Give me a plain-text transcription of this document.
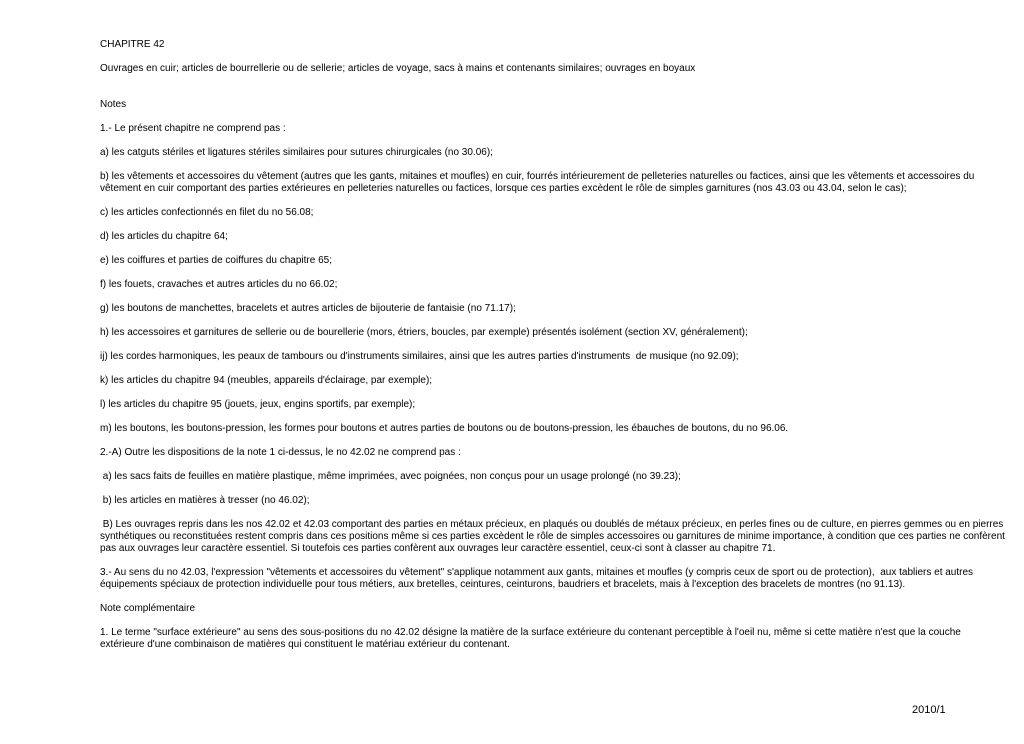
CHAPITRE 42

Ouvrages en cuir; articles de bourrellerie ou de sellerie; articles de voyage, sacs à mains et contenants similaires; ouvrages en boyaux

Notes

1.- Le présent chapitre ne comprend pas :

a) les catguts stériles et ligatures stériles similaires pour sutures chirurgicales (no 30.06);

b) les vêtements et accessoires du vêtement (autres que les gants, mitaines et moufles) en cuir, fourrés intérieurement de pelleteries naturelles ou factices, ainsi que les vêtements et accessoires du vêtement en cuir comportant des parties extérieures en pelleteries naturelles ou factices, lorsque ces parties excèdent le rôle de simples garnitures (nos 43.03 ou 43.04, selon le cas);

c) les articles confectionnés en filet du no 56.08;

d) les articles du chapitre 64;

e) les coiffures et parties de coiffures du chapitre 65;

f) les fouets, cravaches et autres articles du no 66.02;

g) les boutons de manchettes, bracelets et autres articles de bijouterie de fantaisie (no 71.17);

h) les accessoires et garnitures de sellerie ou de bourellerie (mors, étriers, boucles, par exemple) présentés isolément (section XV, généralement);

ij) les cordes harmoniques, les peaux de tambours ou d'instruments similaires, ainsi que les autres parties d'instruments  de musique (no 92.09);

k) les articles du chapitre 94 (meubles, appareils d'éclairage, par exemple);

l) les articles du chapitre 95 (jouets, jeux, engins sportifs, par exemple);

m) les boutons, les boutons-pression, les formes pour boutons et autres parties de boutons ou de boutons-pression, les ébauches de boutons, du no 96.06.

2.-A) Outre les dispositions de la note 1 ci-dessus, le no 42.02 ne comprend pas :

a) les sacs faits de feuilles en matière plastique, même imprimées, avec poignées, non conçus pour un usage prolongé (no 39.23);

b) les articles en matières à tresser (no 46.02);

B) Les ouvrages repris dans les nos 42.02 et 42.03 comportant des parties en métaux précieux, en plaqués ou doublés de métaux précieux, en perles fines ou de culture, en pierres gemmes ou en pierres synthétiques ou reconstituées restent compris dans ces positions même si ces parties excèdent le rôle de simples accessoires ou garnitures de minime importance, à condition que ces parties ne confèrent pas aux ouvrages leur caractère essentiel. Si toutefois ces parties confèrent aux ouvrages leur caractère essentiel, ceux-ci sont à classer au chapitre 71.

3.- Au sens du no 42.03, l'expression "vêtements et accessoires du vêtement" s'applique notamment aux gants, mitaines et moufles (y compris ceux de sport ou de protection),  aux tabliers et autres équipements spéciaux de protection individuelle pour tous métiers, aux bretelles, ceintures, ceinturons, baudriers et bracelets, mais à l'exception des bracelets de montres (no 91.13).

Note complémentaire

1. Le terme "surface extérieure" au sens des sous-positions du no 42.02 désigne la matière de la surface extérieure du contenant perceptible à l'oeil nu, même si cette matière n'est que la couche extérieure d'une combinaison de matières qui constituent le matériau extérieur du contenant.

2010/1
